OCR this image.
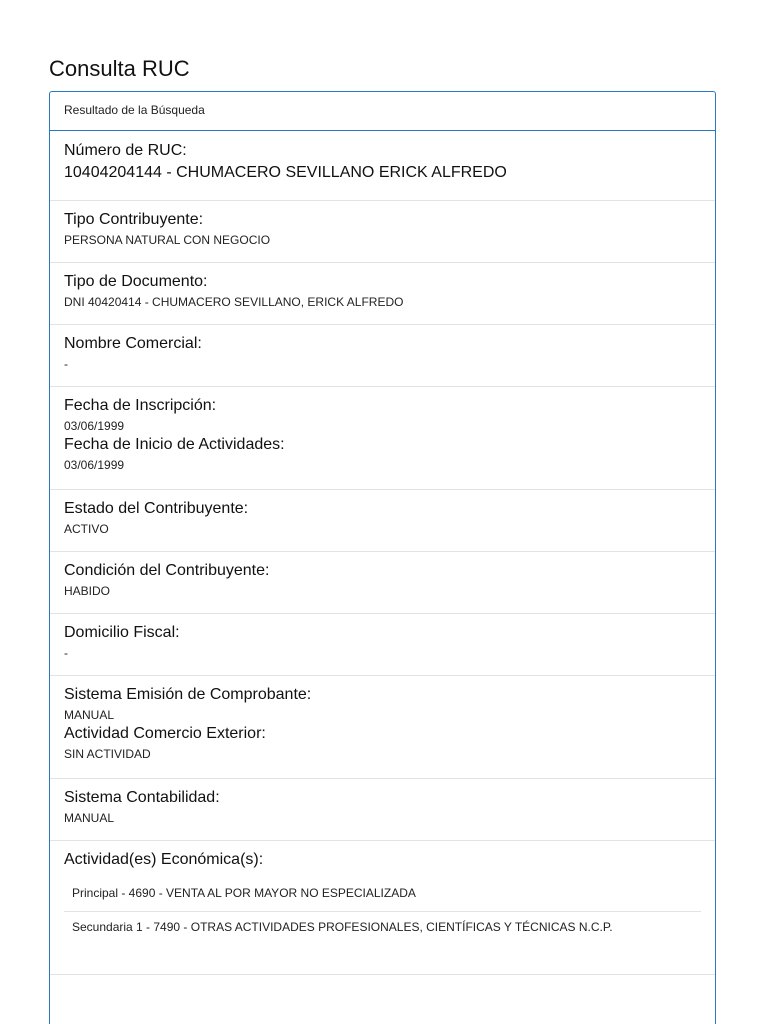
Consulta RUC
Resultado de la Búsqueda
Número de RUC:
10404204144 - CHUMACERO SEVILLANO ERICK ALFREDO
Tipo Contribuyente:
PERSONA NATURAL CON NEGOCIO
Tipo de Documento:
DNI 40420414 - CHUMACERO SEVILLANO, ERICK ALFREDO
Nombre Comercial:
-
Fecha de Inscripción:
03/06/1999
Fecha de Inicio de Actividades:
03/06/1999
Estado del Contribuyente:
ACTIVO
Condición del Contribuyente:
HABIDO
Domicilio Fiscal:
-
Sistema Emisión de Comprobante:
MANUAL
Actividad Comercio Exterior:
SIN ACTIVIDAD
Sistema Contabilidad:
MANUAL
Actividad(es) Económica(s):
Principal - 4690 - VENTA AL POR MAYOR NO ESPECIALIZADA
Secundaria 1 - 7490 - OTRAS ACTIVIDADES PROFESIONALES, CIENTÍFICAS Y TÉCNICAS N.C.P.
